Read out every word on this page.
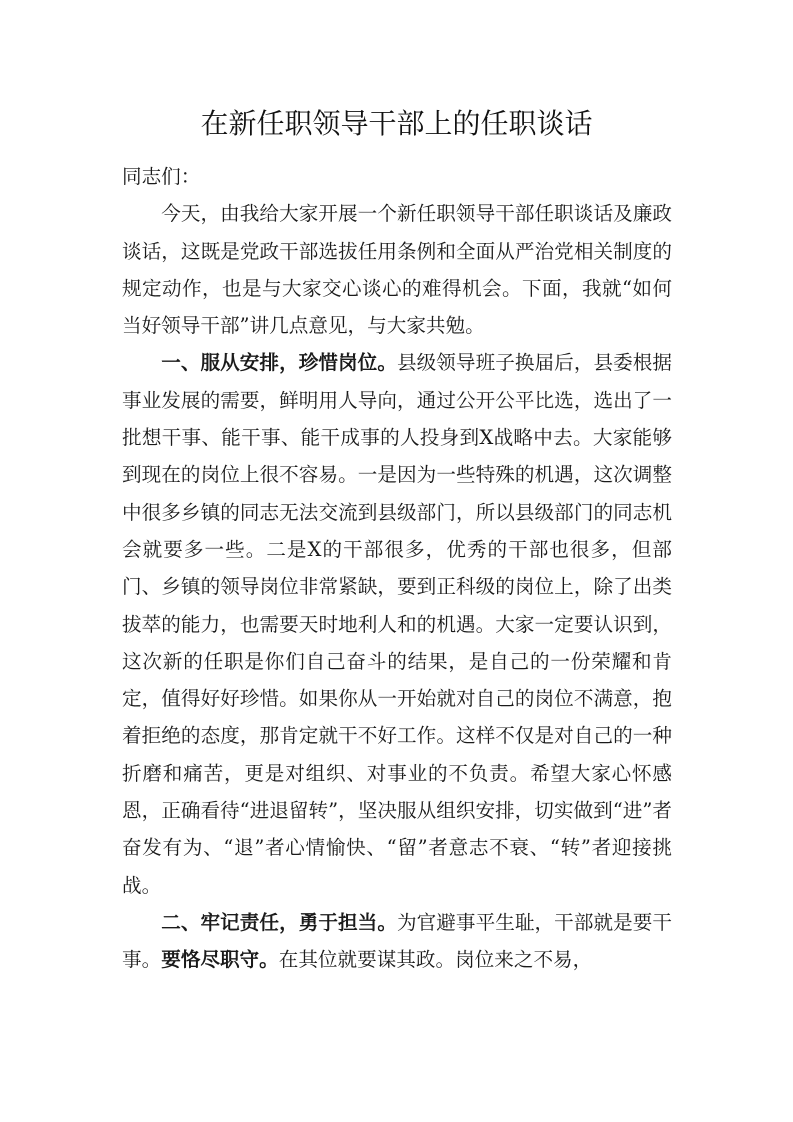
在新任职领导干部上的任职谈话

同志们：

今天，由我给大家开展一个新任职领导干部任职谈话及廉政谈话，这既是党政干部选拔任用条例和全面从严治党相关制度的规定动作，也是与大家交心谈心的难得机会。下面，我就“如何当好领导干部”讲几点意见，与大家共勉。

一、服从安排，珍惜岗位。县级领导班子换届后，县委根据事业发展的需要，鲜明用人导向，通过公开公平比选，选出了一批想干事、能干事、能干成事的人投身到X战略中去。大家能够到现在的岗位上很不容易。一是因为一些特殊的机遇，这次调整中很多乡镇的同志无法交流到县级部门，所以县级部门的同志机会就要多一些。二是X的干部很多，优秀的干部也很多，但部门、乡镇的领导岗位非常紧缺，要到正科级的岗位上，除了出类拔萃的能力，也需要天时地利人和的机遇。大家一定要认识到，这次新的任职是你们自己奋斗的结果，是自己的一份荣耀和肯定，值得好好珍惜。如果你从一开始就对自己的岗位不满意，抱着拒绝的态度，那肯定就干不好工作。这样不仅是对自己的一种折磨和痛苦，更是对组织、对事业的不负责。希望大家心怀感恩，正确看待“进退留转”，坚决服从组织安排，切实做到“进”者奋发有为、“退”者心情愉快、“留”者意志不衰、“转”者迎接挑战。

二、牢记责任，勇于担当。为官避事平生耻，干部就是要干事。要恪尽职守。在其位就要谋其政。岗位来之不易，
